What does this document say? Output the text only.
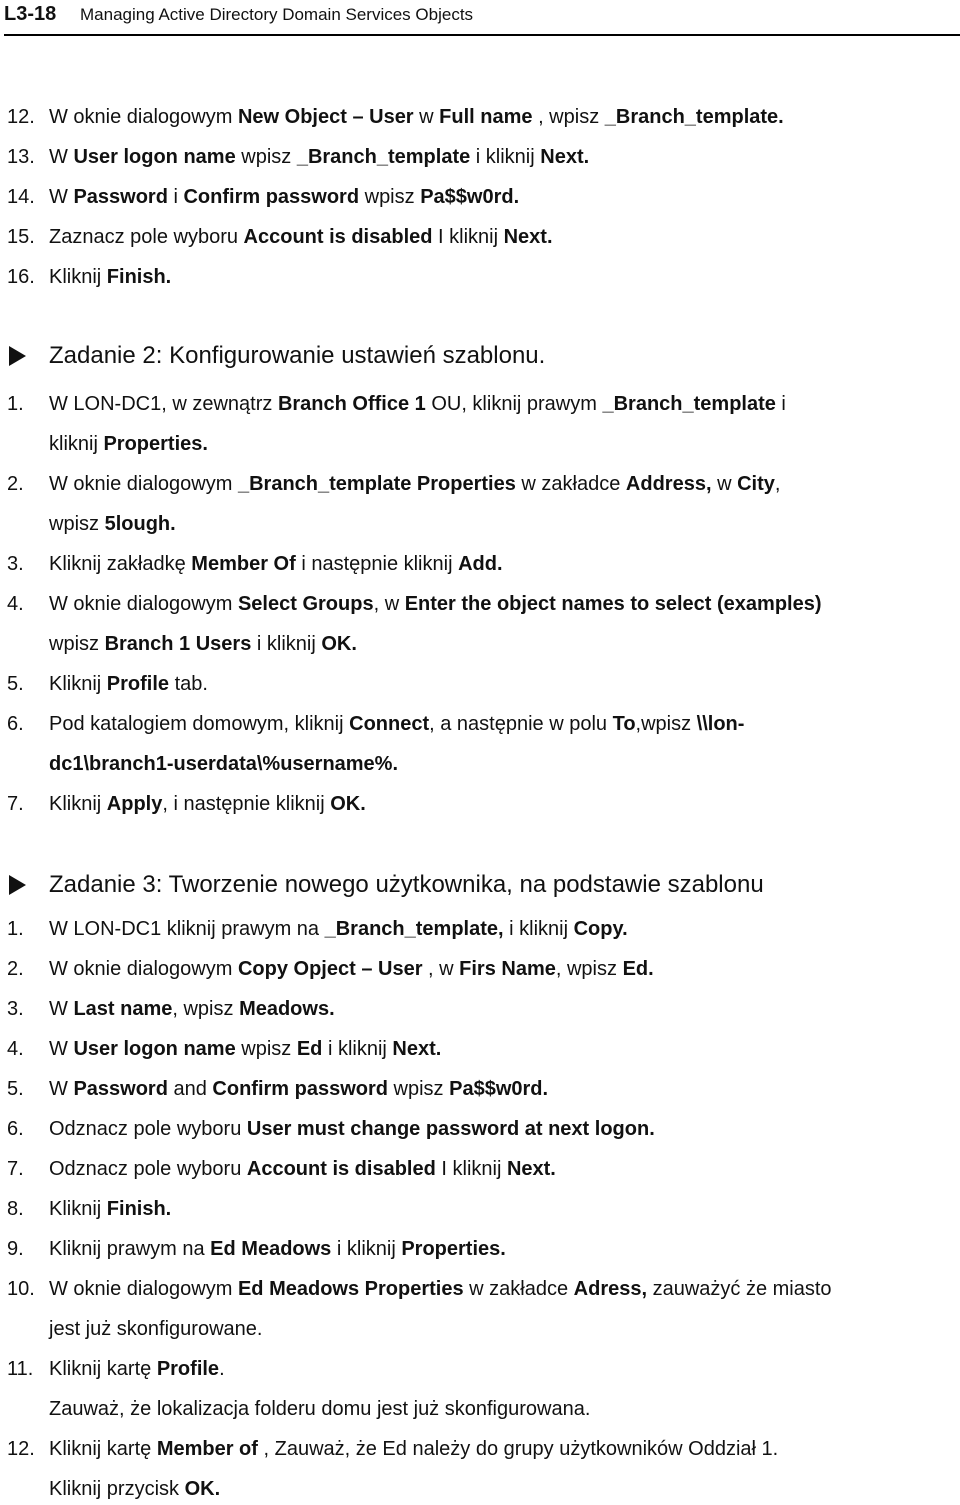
L3-18 Managing Active Directory Domain Services Objects
12. W oknie dialogowym New Object – User w Full name , wpisz _Branch_template.
13. W User logon name wpisz _Branch_template i kliknij Next.
14. W Password i Confirm password wpisz Pa$$w0rd.
15. Zaznacz pole wyboru Account is disabled I kliknij Next.
16. Kliknij Finish.
Zadanie 2: Konfigurowanie ustawień szablonu.
1. W LON-DC1, w zewnątrz Branch Office 1 OU, kliknij prawym _Branch_template i
kliknij Properties.
2. W oknie dialogowym _Branch_template Properties w zakładce Address, w City,
wpisz 5lough.
3. Kliknij zakładkę Member Of i następnie kliknij Add.
4. W oknie dialogowym Select Groups, w Enter the object names to select (examples)
wpisz Branch 1 Users i kliknij OK.
5. Kliknij Profile tab.
6. Pod katalogiem domowym, kliknij Connect, a następnie w polu To,wpisz \\lon-
dc1\branch1-userdata\%username%.
7. Kliknij Apply, i następnie kliknij OK.
Zadanie 3: Tworzenie nowego użytkownika, na podstawie szablonu
1. W LON-DC1 kliknij prawym na _Branch_template, i kliknij Copy.
2. W oknie dialogowym Copy Opject – User , w Firs Name, wpisz Ed.
3. W Last name, wpisz Meadows.
4. W User logon name wpisz Ed i kliknij Next.
5. W Password and Confirm password wpisz Pa$$w0rd.
6. Odznacz pole wyboru User must change password at next logon.
7. Odznacz pole wyboru Account is disabled I kliknij Next.
8. Kliknij Finish.
9. Kliknij prawym na Ed Meadows i kliknij Properties.
10. W oknie dialogowym Ed Meadows Properties w zakładce Adress, zauważyć że miasto
jest już skonfigurowane.
11. Kliknij kartę Profile.
Zauważ, że lokalizacja folderu domu jest już skonfigurowana.
12. Kliknij kartę Member of , Zauważ, że Ed należy do grupy użytkowników Oddział 1.
Kliknij przycisk OK.
